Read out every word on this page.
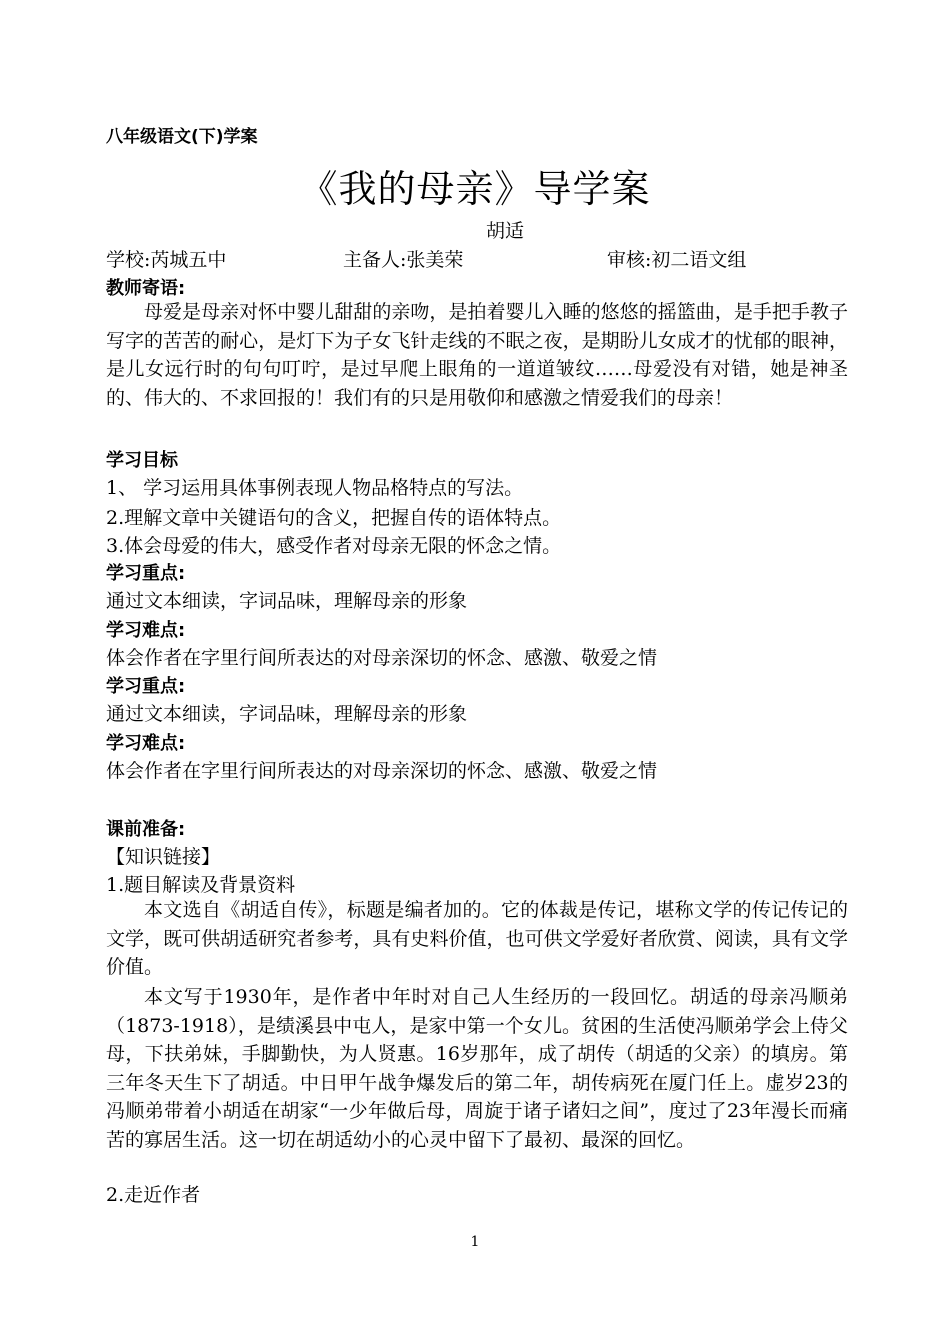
八年级语文(下)学案
《我的母亲》导学案
胡适
学校:芮城五中	主备人:张美荣	审核:初二语文组
教师寄语:

母爱是母亲对怀中婴儿甜甜的亲吻，是拍着婴儿入睡的悠悠的摇篮曲，是手把手教子写字的苦苦的耐心，是灯下为子女飞针走线的不眠之夜，是期盼儿女成才的忧郁的眼神，是儿女远行时的句句叮咛，是过早爬上眼角的一道道皱纹……母爱没有对错，她是神圣的、伟大的、不求回报的！我们有的只是用敬仰和感激之情爱我们的母亲！

学习目标
1、 学习运用具体事例表现人物品格特点的写法。
2.理解文章中关键语句的含义，把握自传的语体特点。
3.体会母爱的伟大，感受作者对母亲无限的怀念之情。
学习重点:
通过文本细读，字词品味，理解母亲的形象
学习难点:
体会作者在字里行间所表达的对母亲深切的怀念、感激、敬爱之情
学习重点:
通过文本细读，字词品味，理解母亲的形象
学习难点:
体会作者在字里行间所表达的对母亲深切的怀念、感激、敬爱之情
课前准备:
【知识链接】
1.题目解读及背景资料

本文选自《胡适自传》，标题是编者加的。它的体裁是传记，堪称文学的传记传记的文学，既可供胡适研究者参考，具有史料价值，也可供文学爱好者欣赏、阅读，具有文学价值。

本文写于1930年，是作者中年时对自己人生经历的一段回忆。胡适的母亲冯顺弟（1873-1918），是绩溪县中屯人，是家中第一个女儿。贫困的生活使冯顺弟学会上侍父母，下扶弟妹，手脚勤快，为人贤惠。16岁那年，成了胡传（胡适的父亲）的填房。第三年冬天生下了胡适。中日甲午战争爆发后的第二年，胡传病死在厦门任上。虚岁23的冯顺弟带着小胡适在胡家“一少年做后母，周旋于诸子诸妇之间”，度过了23年漫长而痛苦的寡居生活。这一切在胡适幼小的心灵中留下了最初、最深的回忆。

2.走近作者
1
